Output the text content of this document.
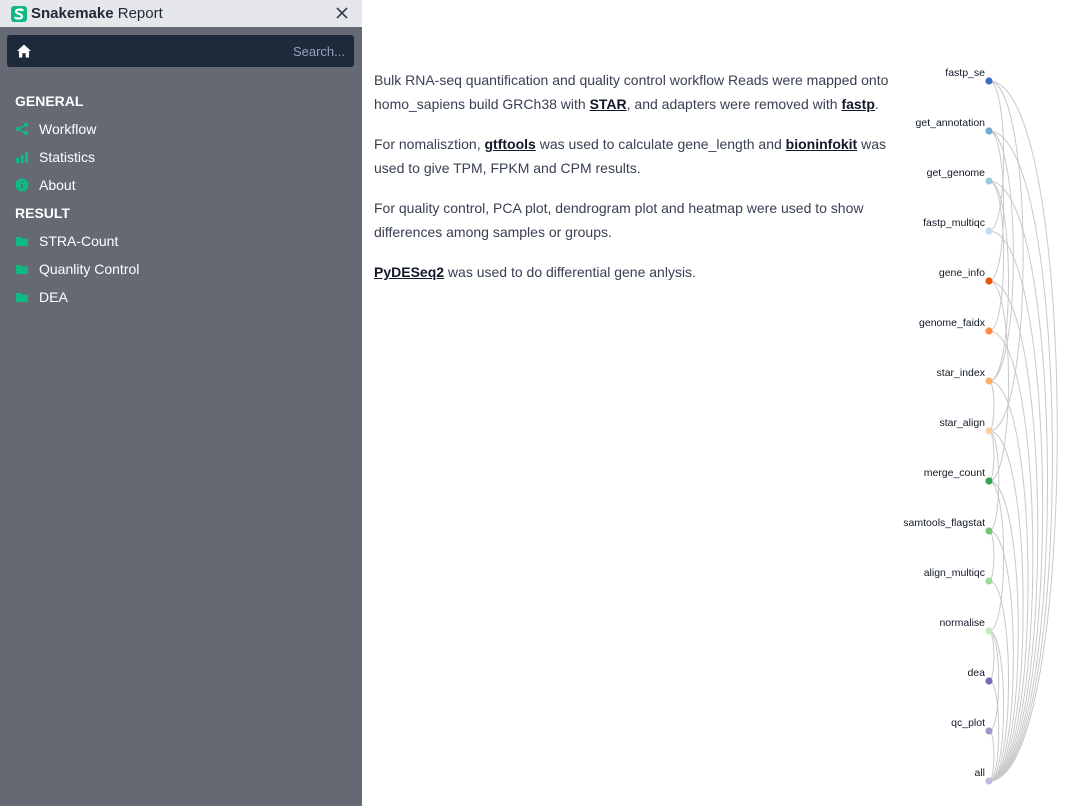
Snakemake Report
Search...
GENERAL
Workflow
Statistics
About
RESULT
STRA-Count
Quanlity Control
DEA

Bulk RNA-seq quantification and quality control workflow Reads were mapped onto homo_sapiens build GRCh38 with STAR, and adapters were removed with fastp.

For nomalisztion, gtftools was used to calculate gene_length and bioninfokit was used to give TPM, FPKM and CPM results.

For quality control, PCA plot, dendrogram plot and heatmap were used to show differences among samples or groups.

PyDESeq2 was used to do differential gene anlysis.

fastp_se
get_annotation
get_genome
fastp_multiqc
gene_info
genome_faidx
star_index
star_align
merge_count
samtools_flagstat
align_multiqc
normalise
dea
qc_plot
all
